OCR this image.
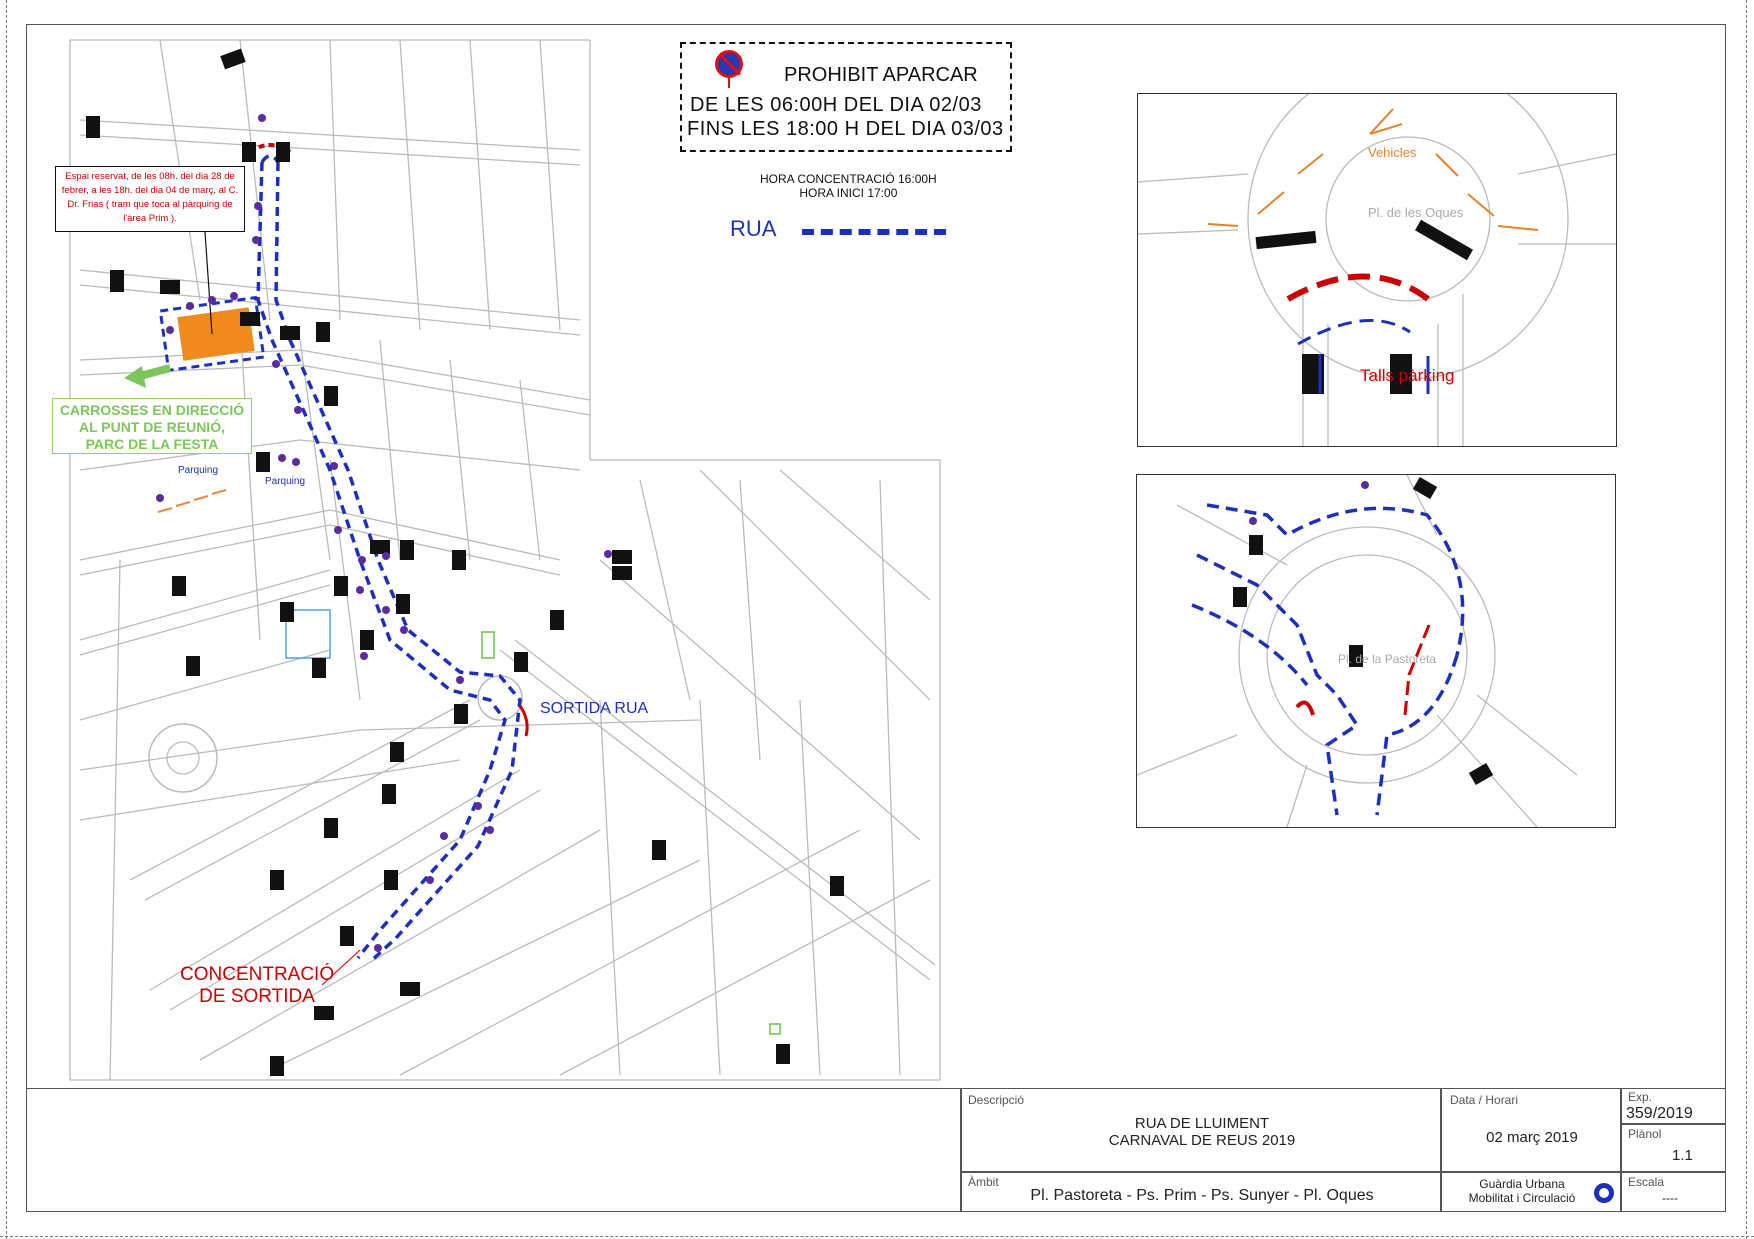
PROHIBIT APARCAR
DE LES 06:00H DEL DIA 02/03
FINS LES 18:00 H DEL DIA 03/03
HORA CONCENTRACIÓ 16:00H
HORA INICI 17:00
RUA
Espai reservat, de les 08h. del dia 28 de febrer, a les 18h. del dia 04 de març, al C. Dr. Frias ( tram que toca al pàrquing de l'àrea Prim ).
CARROSSES EN DIRECCIÓ
AL PUNT DE REUNIÓ,
PARC DE LA FESTA
Parquing
Parquing
SORTIDA RUA
CONCENTRACIÓ
DE SORTIDA
Vehicles
Pl. de les Oques
Talls pàrking
Pl. de la Pastoreta
Descripció
RUA DE LLUIMENT
CARNAVAL DE REUS 2019
Àmbit
Pl. Pastoreta - Ps. Prim - Ps. Sunyer - Pl. Oques
Data / Horari
02 març 2019
Guàrdia Urbana
Mobilitat i Circulació
Exp.
359/2019
Plànol
1.1
Escala
----
